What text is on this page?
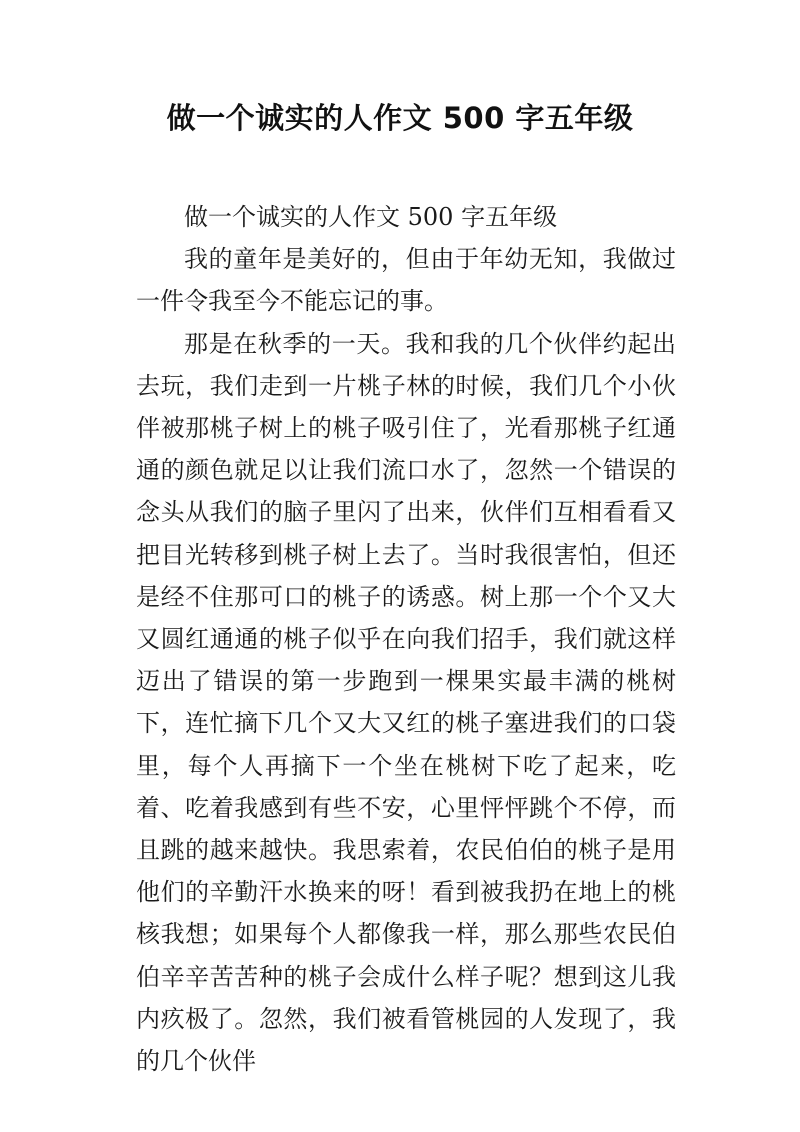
做一个诚实的人作文 500 字五年级

做一个诚实的人作文 500 字五年级

我的童年是美好的，但由于年幼无知，我做过一件令我至今不能忘记的事。

那是在秋季的一天。我和我的几个伙伴约起出去玩，我们走到一片桃子林的时候，我们几个小伙伴被那桃子树上的桃子吸引住了，光看那桃子红通通的颜色就足以让我们流口水了，忽然一个错误的念头从我们的脑子里闪了出来，伙伴们互相看看又把目光转移到桃子树上去了。当时我很害怕，但还是经不住那可口的桃子的诱惑。树上那一个个又大又圆红通通的桃子似乎在向我们招手，我们就这样迈出了错误的第一步跑到一棵果实最丰满的桃树下，连忙摘下几个又大又红的桃子塞进我们的口袋里，每个人再摘下一个坐在桃树下吃了起来，吃着、吃着我感到有些不安，心里怦怦跳个不停，而且跳的越来越快。我思索着，农民伯伯的桃子是用他们的辛勤汗水换来的呀！看到被我扔在地上的桃核我想；如果每个人都像我一样，那么那些农民伯伯辛辛苦苦种的桃子会成什么样子呢？想到这儿我内疚极了。忽然，我们被看管桃园的人发现了，我的几个伙伴
